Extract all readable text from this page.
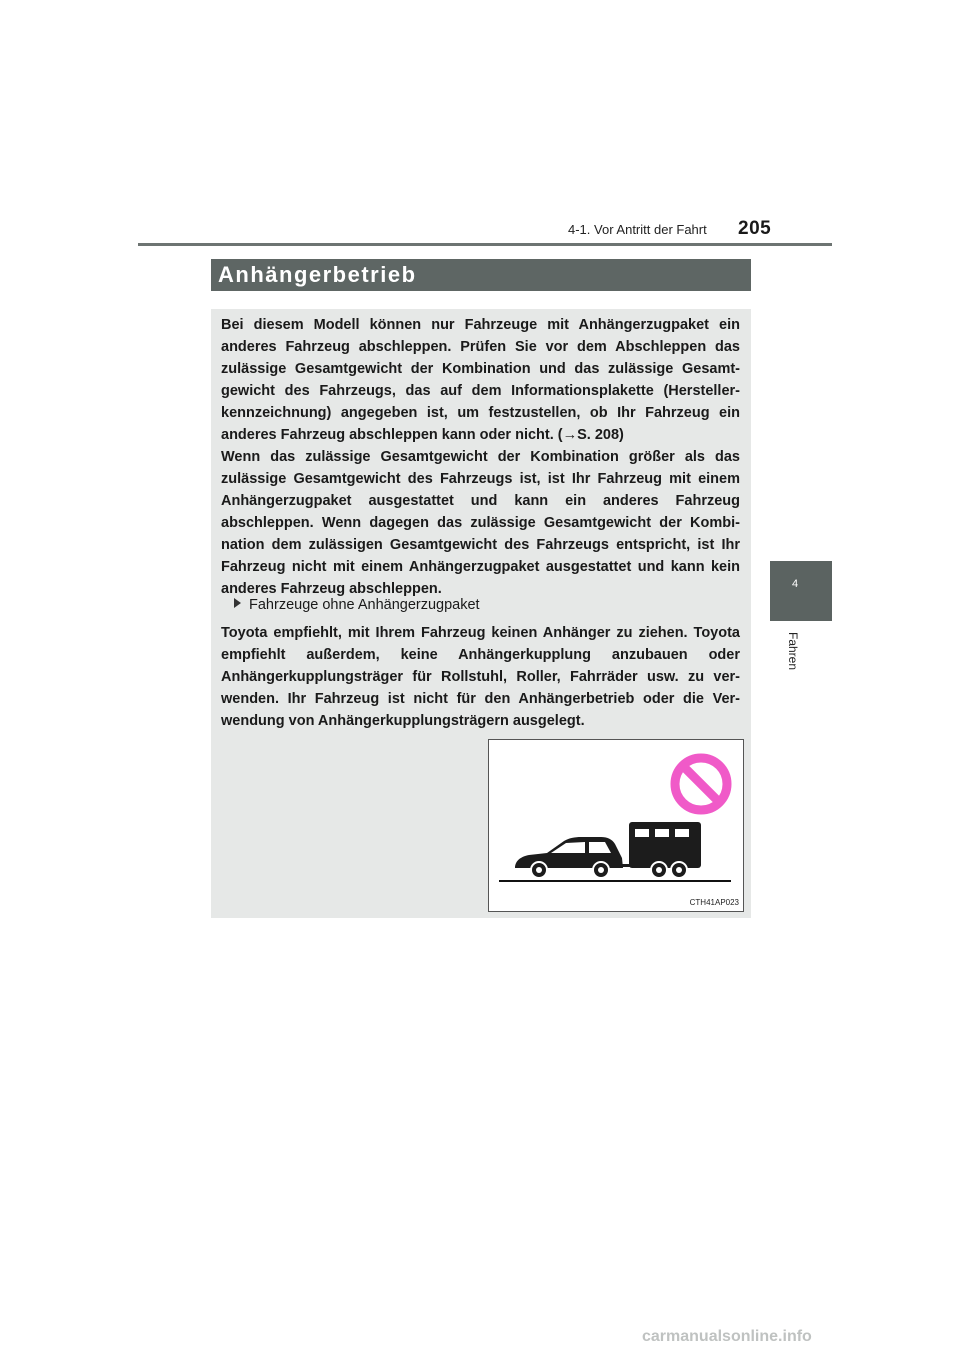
205
4-1. Vor Antritt der Fahrt
4
Fahren
Anhängerbetrieb

Bei diesem Modell können nur Fahrzeuge mit Anhängerzugpaket ein anderes Fahrzeug abschleppen. Prüfen Sie vor dem Abschleppen das zulässige Gesamtgewicht der Kombination und das zulässige Gesamt-gewicht des Fahrzeugs, das auf dem Informationsplakette (Hersteller-kennzeichnung) angegeben ist, um festzustellen, ob Ihr Fahrzeug ein anderes Fahrzeug abschleppen kann oder nicht. (→S. 208)

Wenn das zulässige Gesamtgewicht der Kombination größer als das zulässige Gesamtgewicht des Fahrzeugs ist, ist Ihr Fahrzeug mit einem Anhängerzugpaket ausgestattet und kann ein anderes Fahrzeug abschleppen. Wenn dagegen das zulässige Gesamtgewicht der Kombi-nation dem zulässigen Gesamtgewicht des Fahrzeugs entspricht, ist Ihr Fahrzeug nicht mit einem Anhängerzugpaket ausgestattet und kann kein anderes Fahrzeug abschleppen.

Fahrzeuge ohne Anhängerzugpaket

Toyota empfiehlt, mit Ihrem Fahrzeug keinen Anhänger zu ziehen. Toyota empfiehlt außerdem, keine Anhängerkupplung anzubauen oder Anhängerkupplungsträger für Rollstuhl, Roller, Fahrräder usw. zu ver-wenden. Ihr Fahrzeug ist nicht für den Anhängerbetrieb oder die Ver-wendung von Anhängerkupplungsträgern ausgelegt.

CTH41AP023
carmanualsonline.info
